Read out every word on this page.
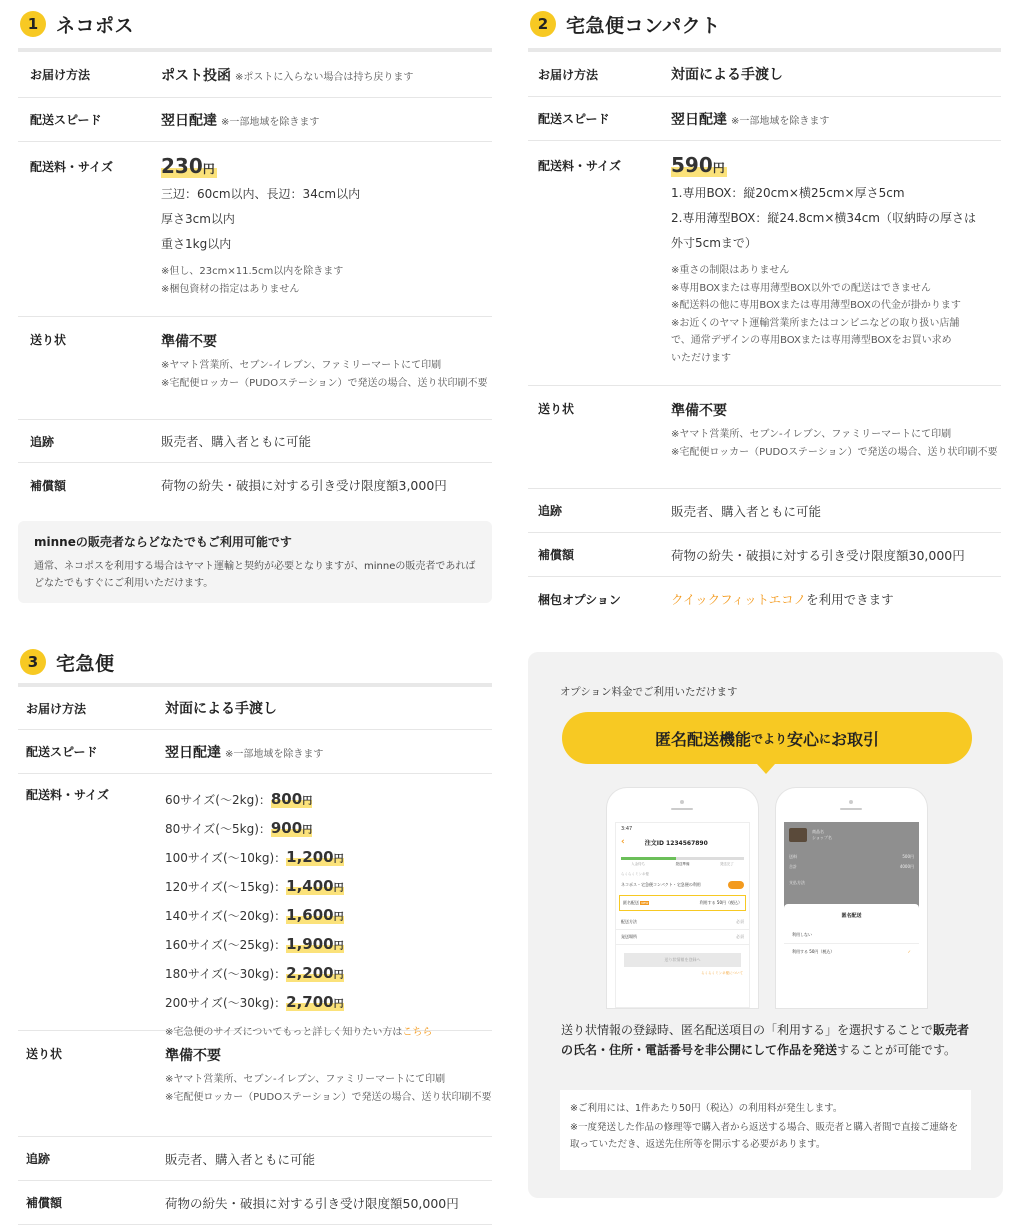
1 ネコポス
お届け方法	ポスト投函 ※ポストに入らない場合は持ち戻ります
配送スピード	翌日配達 ※一部地域を除きます
配送料・サイズ	230円
三辺：60cm以内、長辺：34cm以内
厚さ3cm以内
重さ1kg以内
※但し、23cm×11.5cm以内を除きます
※梱包資材の指定はありません
送り状	準備不要
※ヤマト営業所、セブン-イレブン、ファミリーマートにて印刷
※宅配便ロッカー（PUDOステーション）で発送の場合、送り状印刷不要
追跡	販売者、購入者ともに可能
補償額	荷物の紛失・破損に対する引き受け限度額3,000円
minneの販売者ならどなたでもご利用可能です
通常、ネコポスを利用する場合はヤマト運輸と契約が必要となりますが、minneの販売者であればどなたでもすぐにご利用いただけます。
3 宅急便
お届け方法	対面による手渡し
配送スピード	翌日配達 ※一部地域を除きます
配送料・サイズ	60サイズ(〜2kg)：800円
80サイズ(〜5kg)：900円
100サイズ(〜10kg)：1,200円
120サイズ(〜15kg)：1,400円
140サイズ(〜20kg)：1,600円
160サイズ(〜25kg)：1,900円
180サイズ(〜30kg)：2,200円
200サイズ(〜30kg)：2,700円
※宅急便のサイズについてもっと詳しく知りたい方はこちら
送り状	準備不要
※ヤマト営業所、セブン-イレブン、ファミリーマートにて印刷
※宅配便ロッカー（PUDOステーション）で発送の場合、送り状印刷不要
追跡	販売者、購入者ともに可能
補償額	荷物の紛失・破損に対する引き受け限度額50,000円
2 宅急便コンパクト
お届け方法	対面による手渡し
配送スピード	翌日配達 ※一部地域を除きます
配送料・サイズ	590円
1.専用BOX：縦20cm×横25cm×厚さ5cm
2.専用薄型BOX：縦24.8cm×横34cm（収納時の厚さは
外寸5cmまで）
※重さの制限はありません
※専用BOXまたは専用薄型BOX以外での配送はできません
※配送料の他に専用BOXまたは専用薄型BOXの代金が掛かります
※お近くのヤマト運輸営業所またはコンビニなどの取り扱い店舗
で、通常デザインの専用BOXまたは専用薄型BOXをお買い求め
いただけます
送り状	準備不要
※ヤマト営業所、セブン-イレブン、ファミリーマートにて印刷
※宅配便ロッカー（PUDOステーション）で発送の場合、送り状印刷不要
追跡	販売者、購入者ともに可能
補償額	荷物の紛失・破損に対する引き受け限度額30,000円
梱包オプション	クイックフィットエコノを利用できます
オプション料金でご利用いただけます
匿名配送機能 でより 安心 に お取引
3:47
‹	注文ID 1234567890
入金待ち	発送準備	発送完了
らくらくミンネ便
ネコポス・宅急便コンパクト・宅急便の利用
匿名配送 NEW	利用する 50円（税込）
配送方法	必須
発送場所	必須
送り状情報を登録へ
らくらくミンネ便について
商品名
ショップ名
送料	500円
合計	4000円
支払方法
匿名配送
利用しない
利用する 50円（税込）	✓
送り状情報の登録時、匿名配送項目の「利用する」を選択することで販売者の氏名・住所・電話番号を非公開にして作品を発送することが可能です。
※ご利用には、1件あたり50円（税込）の利用料が発生します。
※一度発送した作品の修理等で購入者から返送する場合、販売者と購入者間で直接ご連絡を取っていただき、返送先住所等を開示する必要があります。
